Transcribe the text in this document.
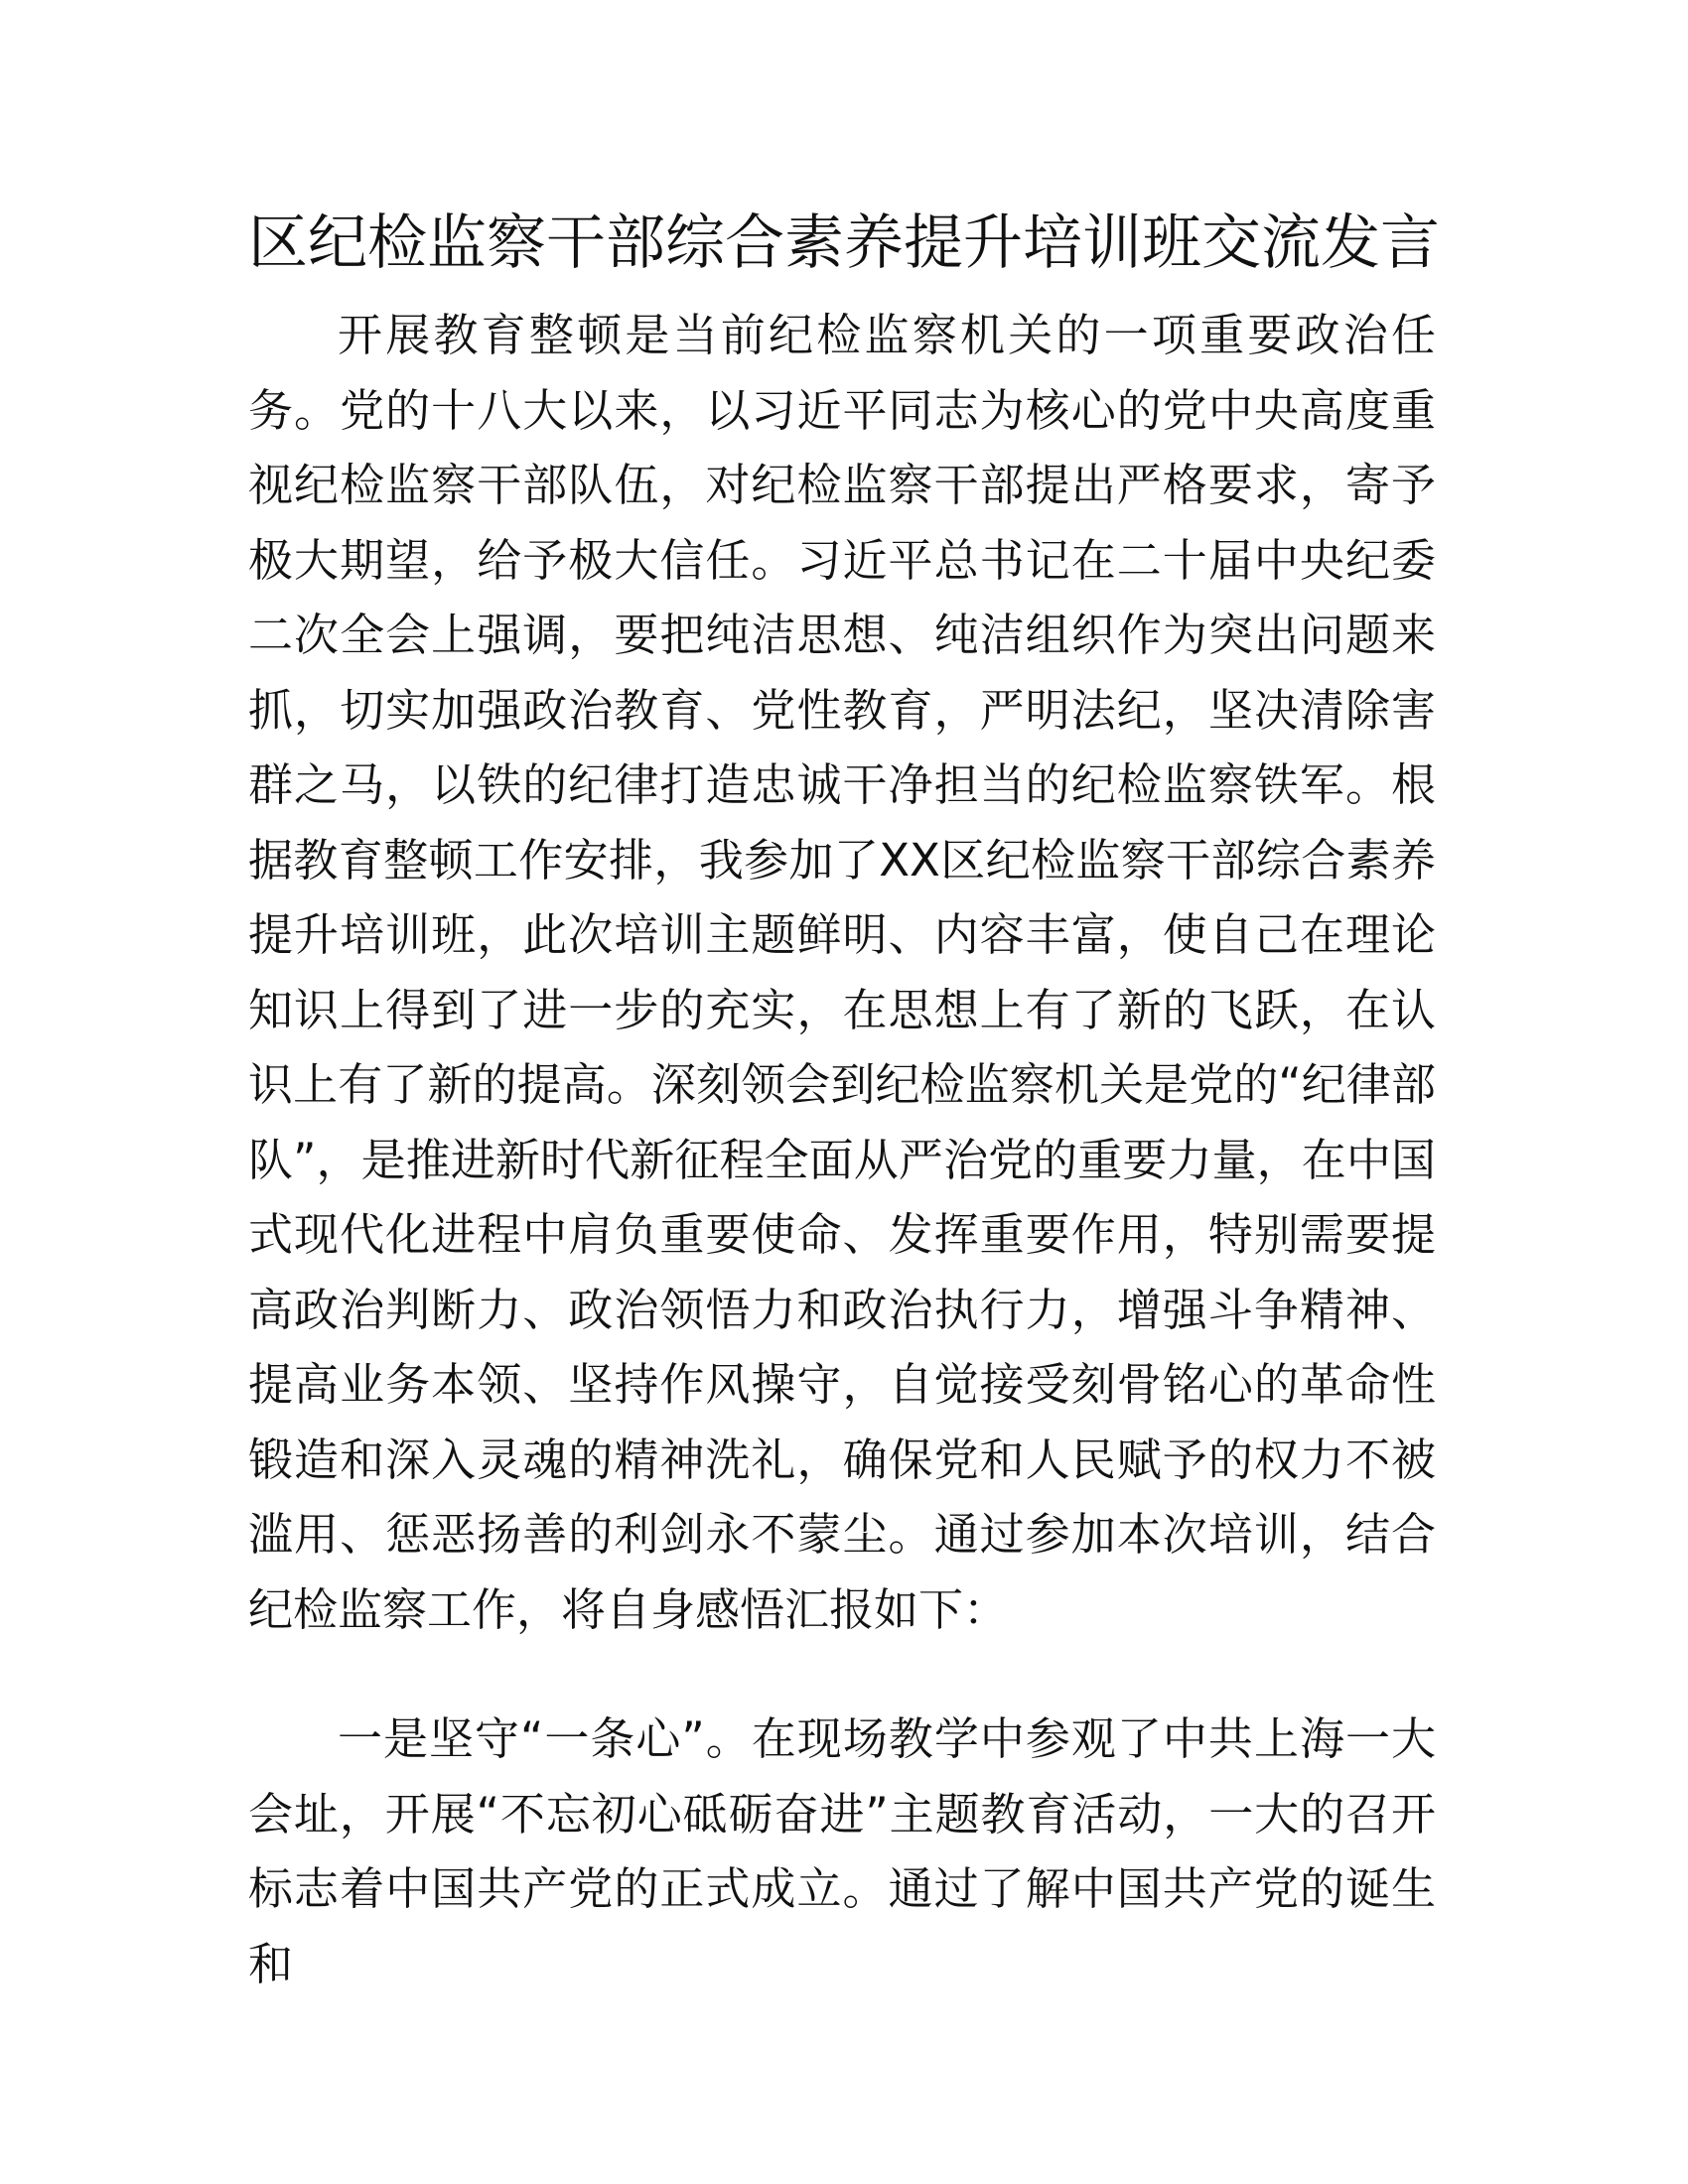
区纪检监察干部综合素养提升培训班交流发言

开展教育整顿是当前纪检监察机关的一项重要政治任务。党的十八大以来，以习近平同志为核心的党中央高度重视纪检监察干部队伍，对纪检监察干部提出严格要求，寄予极大期望，给予极大信任。习近平总书记在二十届中央纪委二次全会上强调，要把纯洁思想、纯洁组织作为突出问题来抓，切实加强政治教育、党性教育，严明法纪，坚决清除害群之马，以铁的纪律打造忠诚干净担当的纪检监察铁军。根据教育整顿工作安排，我参加了XX区纪检监察干部综合素养提升培训班，此次培训主题鲜明、内容丰富，使自己在理论知识上得到了进一步的充实，在思想上有了新的飞跃，在认识上有了新的提高。深刻领会到纪检监察机关是党的“纪律部队”，是推进新时代新征程全面从严治党的重要力量，在中国式现代化进程中肩负重要使命、发挥重要作用，特别需要提高政治判断力、政治领悟力和政治执行力，增强斗争精神、提高业务本领、坚持作风操守，自觉接受刻骨铭心的革命性锻造和深入灵魂的精神洗礼，确保党和人民赋予的权力不被滥用、惩恶扬善的利剑永不蒙尘。通过参加本次培训，结合纪检监察工作，将自身感悟汇报如下：

一是坚守“一条心”。在现场教学中参观了中共上海一大会址，开展“不忘初心砥砺奋进”主题教育活动，一大的召开标志着中国共产党的正式成立。通过了解中国共产党的诞生和
